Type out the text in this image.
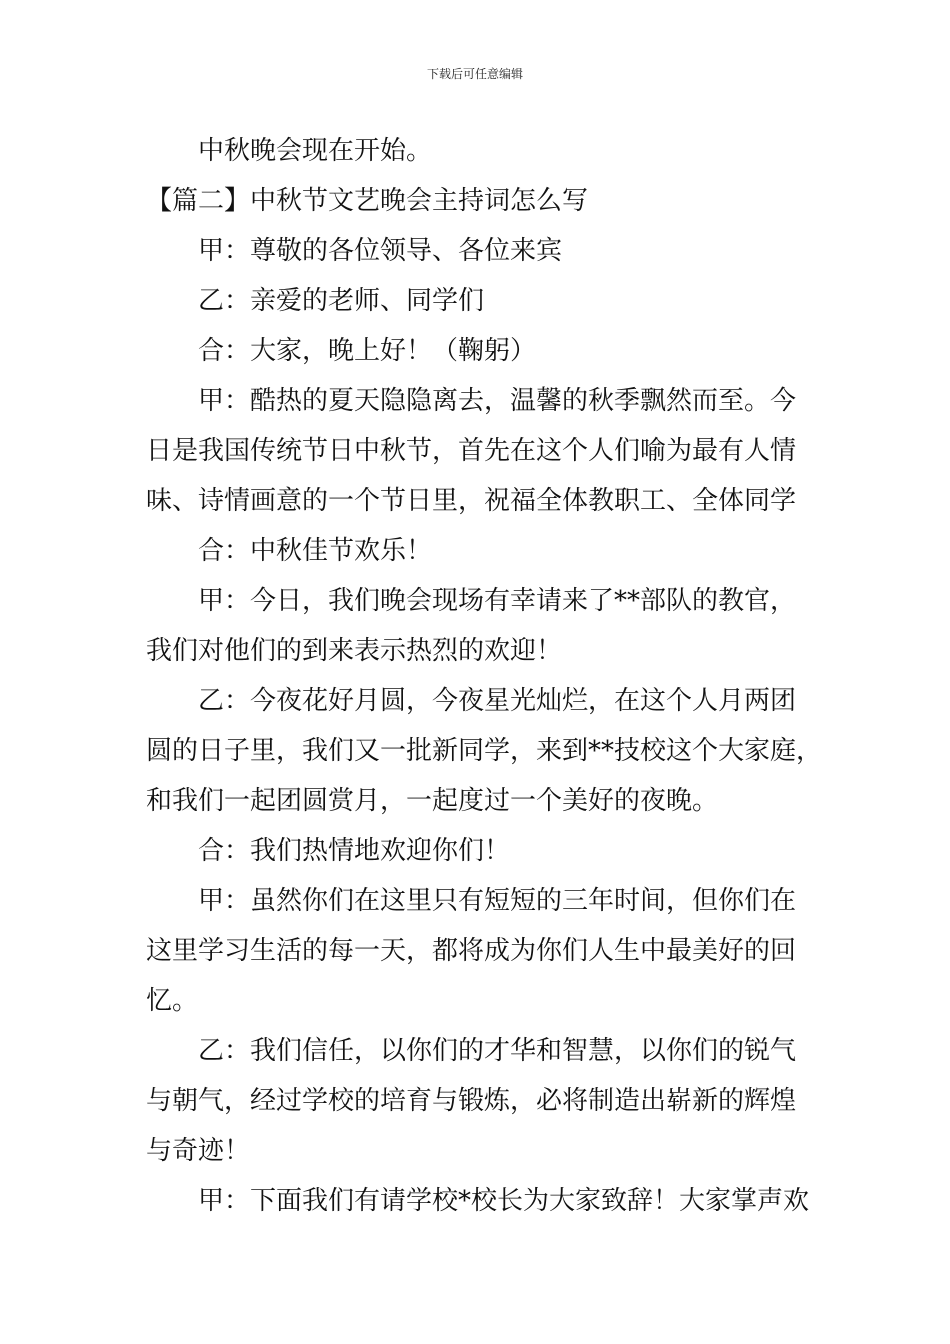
下载后可任意编辑
中秋晚会现在开始。
【篇二】中秋节文艺晚会主持词怎么写
甲：尊敬的各位领导、各位来宾
乙：亲爱的老师、同学们
合：大家，晚上好！（鞠躬）
甲：酷热的夏天隐隐离去，温馨的秋季飘然而至。今
日是我国传统节日中秋节，首先在这个人们喻为最有人情
味、诗情画意的一个节日里，祝福全体教职工、全体同学
合：中秋佳节欢乐！
甲：今日，我们晚会现场有幸请来了**部队的教官，
我们对他们的到来表示热烈的欢迎！
乙：今夜花好月圆，今夜星光灿烂，在这个人月两团
圆的日子里，我们又一批新同学，来到**技校这个大家庭，
和我们一起团圆赏月，一起度过一个美好的夜晚。
合：我们热情地欢迎你们！
甲：虽然你们在这里只有短短的三年时间，但你们在
这里学习生活的每一天，都将成为你们人生中最美好的回
忆。
乙：我们信任，以你们的才华和智慧，以你们的锐气
与朝气，经过学校的培育与锻炼，必将制造出崭新的辉煌
与奇迹！
甲：下面我们有请学校*校长为大家致辞！大家掌声欢
